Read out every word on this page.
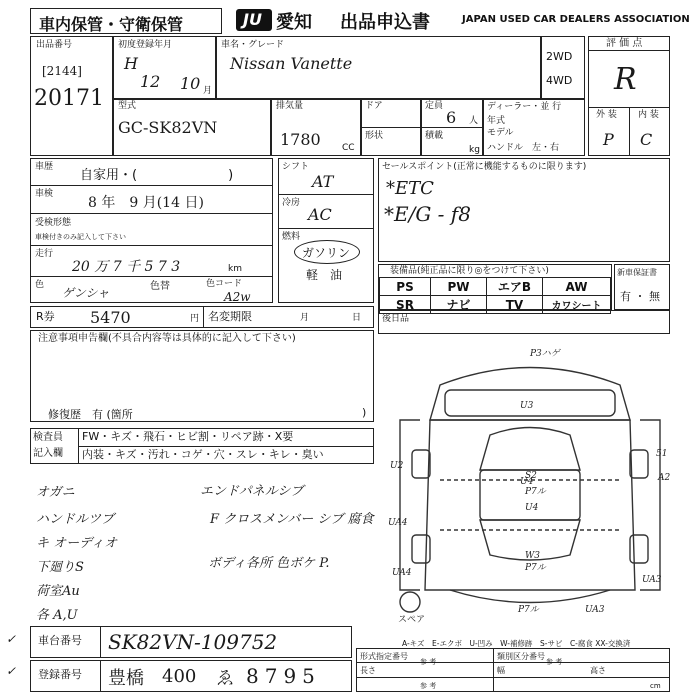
車内保管・守衛保管	JU 愛知 出品申込書	JAPAN USED CAR DEALERS ASSOCIATION
出品番号
[2144]
20171
初度登録年月
H
12 10 月
車名・グレード
Nissan Vanette	2WD
4WD
評 価 点
R
外 装 内 装
P C
型式
GC-SK82VN
排気量
1780 CC
ドア
形状
定員
6 人
積載
kg
ディーラー・並 行
年式
モデル
ハンドル　左・右
車歴
自家用・(　　　　　　　)
車検
8 年　9 月(14 日)
受検形態
車検付きのみ記入して下さい
走行
20 万 7 千 5 7 3	km
色
ゲンシャ	色替	色コード
A2w
シフト
AT
冷房
AC
燃料
ガソリン
軽　油
セールスポイント(正常に機能するものに限ります)
*ETC
*E/G - f8
装備品(純正品に限り◎をつけて下さい)
PS	PW	エアB	AW
SR	ナビ	TV	カワシート
新車保証書
有 ・ 無
R券 5470	円 名変期限	月	日 後日品
注意事項申告欄(不具合内容等は具体的に記入して下さい)
修復歴　有 (箇所	)
検査員
記入欄
FW・キズ・飛石・ヒビ割・リペア跡・X要
内装・キズ・汚れ・コゲ・穴・スレ・キレ・臭い
オガニ
ハンドルツブ
キ オーディオ
下廻りS
荷室Au
各 A,U
エンドパネルシブ
F クロスメンバー シブ 腐食
ボディ各所 色ボケ P.
P3ハゲ
U3
U2
A2
U4
S2
P7ル
U4
UA4
UA4
W3
P7ル
UA3
P7ル	UA3
スペア
51
A-キズ　E-エクボ　U-凹み　W-補修跡　S-サビ　C-腐食 XX-交換済
車台番号 SK82VN-109752
登録番号 豊橋 400 ゑ 8795
形式指定番号
参 考
類別区分番号
参 考
長さ	幅	高さ
参 考	cm
✓
✓
